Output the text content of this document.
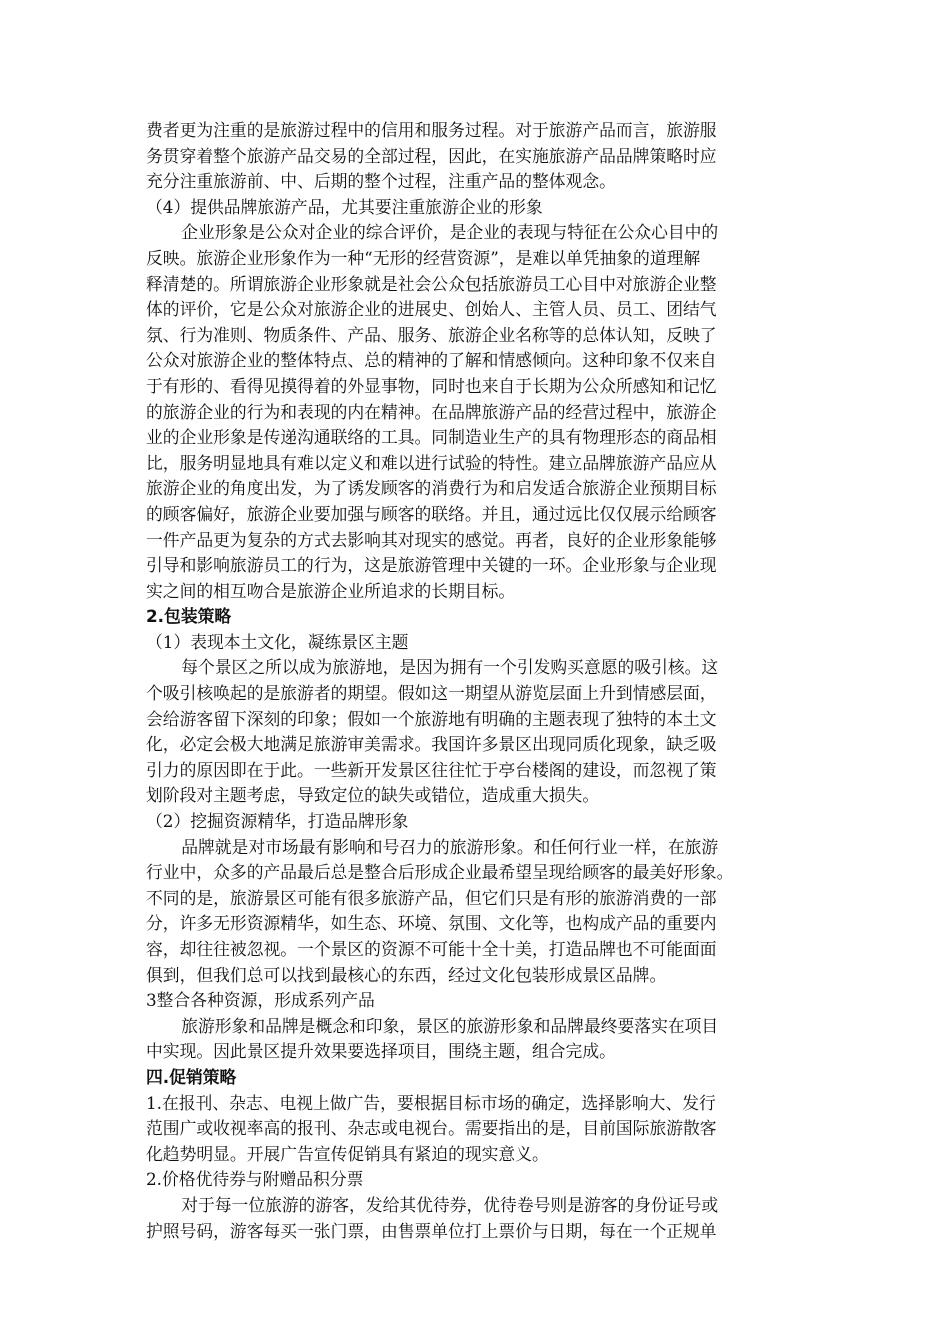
费者更为注重的是旅游过程中的信用和服务过程。对于旅游产品而言，旅游服
务贯穿着整个旅游产品交易的全部过程，因此，在实施旅游产品品牌策略时应
充分注重旅游前、中、后期的整个过程，注重产品的整体观念。
（4）提供品牌旅游产品，尤其要注重旅游企业的形象
企业形象是公众对企业的综合评价，是企业的表现与特征在公众心目中的
反映。旅游企业形象作为一种“无形的经营资源”，是难以单凭抽象的道理解
释清楚的。所谓旅游企业形象就是社会公众包括旅游员工心目中对旅游企业整
体的评价，它是公众对旅游企业的进展史、创始人、主管人员、员工、团结气
氛、行为准则、物质条件、产品、服务、旅游企业名称等的总体认知，反映了
公众对旅游企业的整体特点、总的精神的了解和情感倾向。这种印象不仅来自
于有形的、看得见摸得着的外显事物，同时也来自于长期为公众所感知和记忆
的旅游企业的行为和表现的内在精神。在品牌旅游产品的经营过程中，旅游企
业的企业形象是传递沟通联络的工具。同制造业生产的具有物理形态的商品相
比，服务明显地具有难以定义和难以进行试验的特性。建立品牌旅游产品应从
旅游企业的角度出发，为了诱发顾客的消费行为和启发适合旅游企业预期目标
的顾客偏好，旅游企业要加强与顾客的联络。并且，通过远比仅仅展示给顾客
一件产品更为复杂的方式去影响其对现实的感觉。再者，良好的企业形象能够
引导和影响旅游员工的行为，这是旅游管理中关键的一环。企业形象与企业现
实之间的相互吻合是旅游企业所追求的长期目标。
2.包装策略
（1）表现本土文化，凝练景区主题
每个景区之所以成为旅游地，是因为拥有一个引发购买意愿的吸引核。这
个吸引核唤起的是旅游者的期望。假如这一期望从游览层面上升到情感层面，
会给游客留下深刻的印象；假如一个旅游地有明确的主题表现了独特的本土文
化，必定会极大地满足旅游审美需求。我国许多景区出现同质化现象，缺乏吸
引力的原因即在于此。一些新开发景区往往忙于亭台楼阁的建设，而忽视了策
划阶段对主题考虑，导致定位的缺失或错位，造成重大损失。
（2）挖掘资源精华，打造品牌形象
品牌就是对市场最有影响和号召力的旅游形象。和任何行业一样，在旅游
行业中，众多的产品最后总是整合后形成企业最希望呈现给顾客的最美好形象。
不同的是，旅游景区可能有很多旅游产品，但它们只是有形的旅游消费的一部
分，许多无形资源精华，如生态、环境、氛围、文化等，也构成产品的重要内
容，却往往被忽视。一个景区的资源不可能十全十美，打造品牌也不可能面面
俱到，但我们总可以找到最核心的东西，经过文化包装形成景区品牌。
3整合各种资源，形成系列产品
旅游形象和品牌是概念和印象，景区的旅游形象和品牌最终要落实在项目
中实现。因此景区提升效果要选择项目，围绕主题，组合完成。
四.促销策略
1.在报刊、杂志、电视上做广告，要根据目标市场的确定，选择影响大、发行
范围广或收视率高的报刊、杂志或电视台。需要指出的是，目前国际旅游散客
化趋势明显。开展广告宣传促销具有紧迫的现实意义。
2.价格优待券与附赠品积分票
对于每一位旅游的游客，发给其优待券，优待卷号则是游客的身份证号或
护照号码，游客每买一张门票，由售票单位打上票价与日期，每在一个正规单
